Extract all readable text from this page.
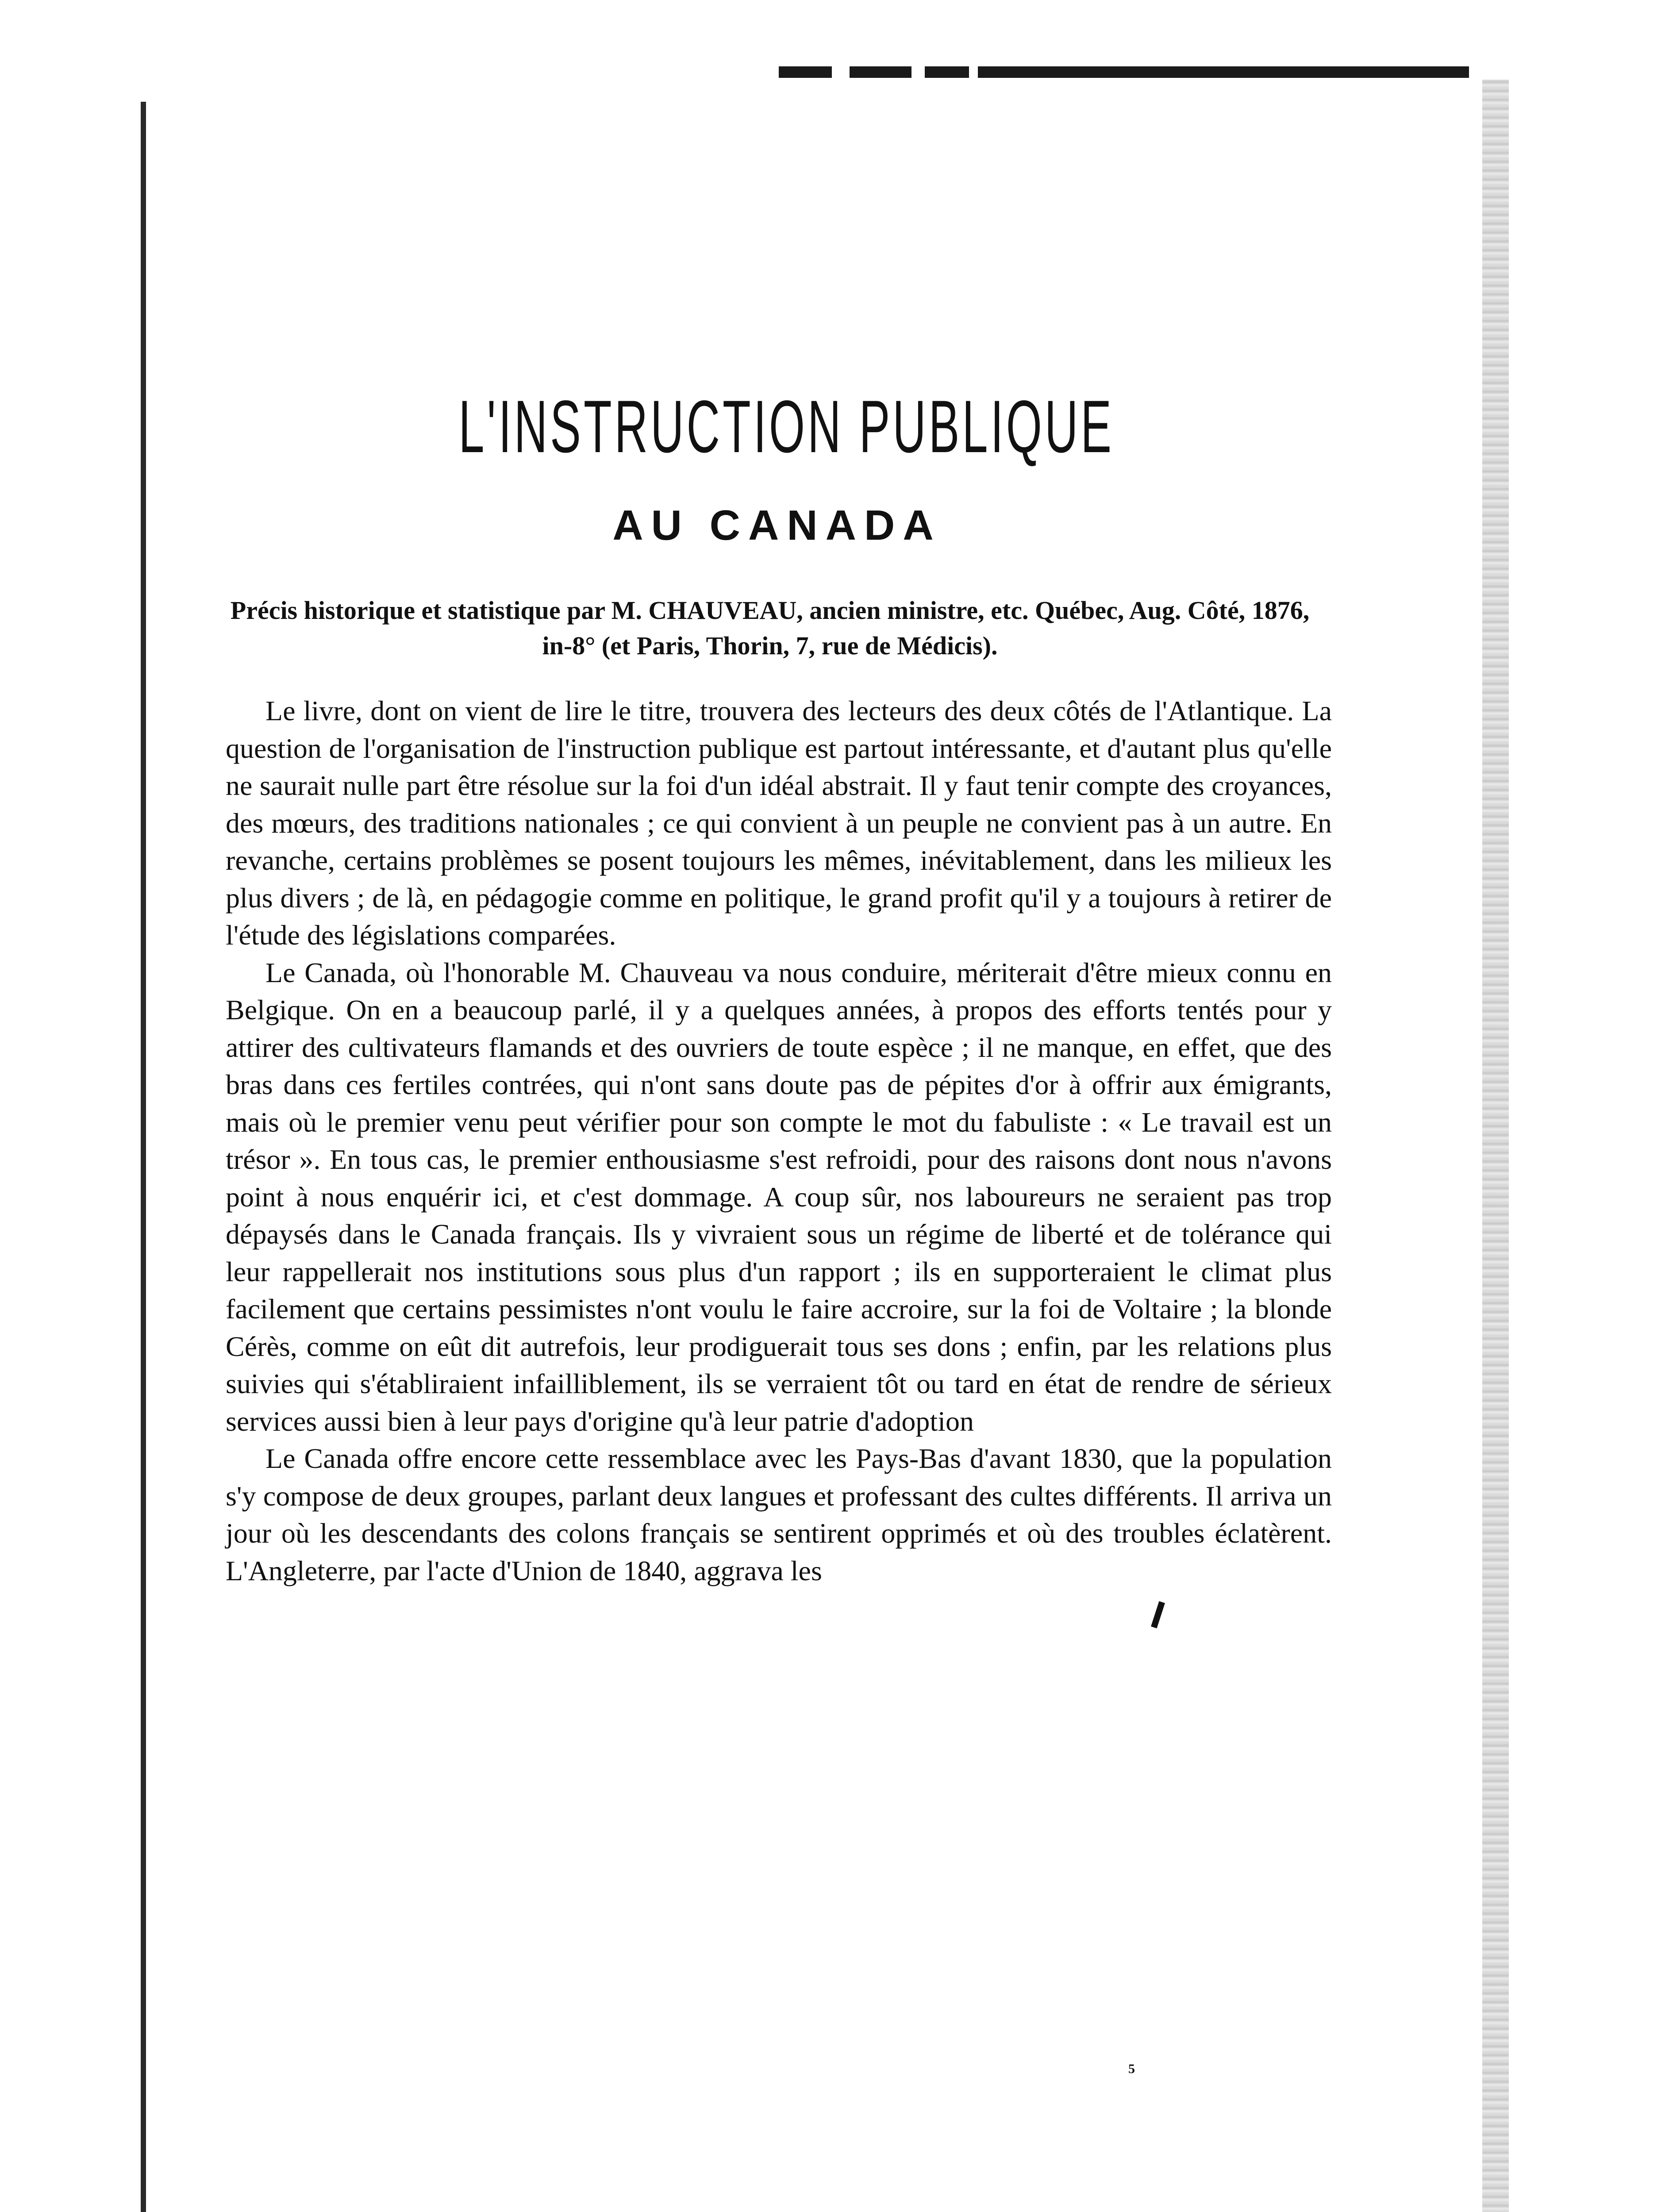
L'INSTRUCTION PUBLIQUE
AU CANADA

Précis historique et statistique par M. CHAUVEAU, ancien ministre, etc. Québec, Aug. Côté, 1876, in-8° (et Paris, Thorin, 7, rue de Médicis).

Le livre, dont on vient de lire le titre, trouvera des lecteurs des deux côtés de l'Atlantique. La question de l'organisation de l'instruction publique est partout intéressante, et d'autant plus qu'elle ne saurait nulle part être résolue sur la foi d'un idéal abstrait. Il y faut tenir compte des croyances, des mœurs, des traditions nationales ; ce qui convient à un peuple ne convient pas à un autre. En revanche, certains problèmes se posent toujours les mêmes, inévitablement, dans les milieux les plus divers ; de là, en pédagogie comme en politique, le grand profit qu'il y a toujours à retirer de l'étude des législations comparées.

Le Canada, où l'honorable M. Chauveau va nous conduire, mériterait d'être mieux connu en Belgique. On en a beaucoup parlé, il y a quelques années, à propos des efforts tentés pour y attirer des cultivateurs flamands et des ouvriers de toute espèce ; il ne manque, en effet, que des bras dans ces fertiles contrées, qui n'ont sans doute pas de pépites d'or à offrir aux émigrants, mais où le premier venu peut vérifier pour son compte le mot du fabuliste : « Le travail est un trésor ». En tous cas, le premier enthousiasme s'est refroidi, pour des raisons dont nous n'avons point à nous enquérir ici, et c'est dommage. A coup sûr, nos laboureurs ne seraient pas trop dépaysés dans le Canada français. Ils y vivraient sous un régime de liberté et de tolérance qui leur rappellerait nos institutions sous plus d'un rapport ; ils en supporteraient le climat plus facilement que certains pessimistes n'ont voulu le faire accroire, sur la foi de Voltaire ; la blonde Cérès, comme on eût dit autrefois, leur prodiguerait tous ses dons ; enfin, par les relations plus suivies qui s'établiraient infailliblement, ils se verraient tôt ou tard en état de rendre de sérieux services aussi bien à leur pays d'origine qu'à leur patrie d'adoption

Le Canada offre encore cette ressemblace avec les Pays-Bas d'avant 1830, que la population s'y compose de deux groupes, parlant deux langues et professant des cultes différents. Il arriva un jour où les descendants des colons français se sentirent opprimés et où des troubles éclatèrent. L'Angleterre, par l'acte d'Union de 1840, aggrava les

5
